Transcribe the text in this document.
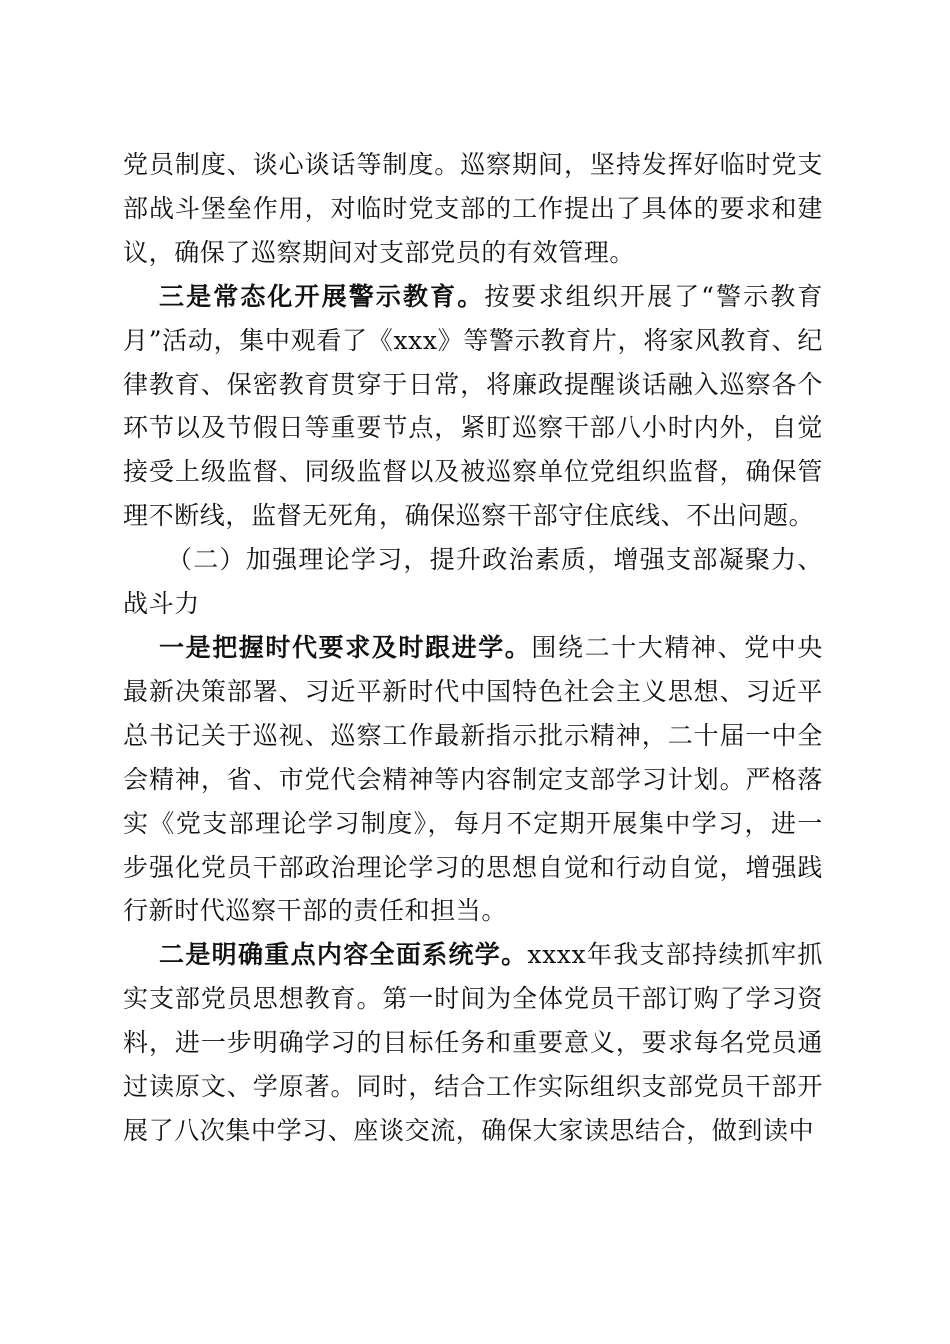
党员制度、谈心谈话等制度。巡察期间，坚持发挥好临时党支部战斗堡垒作用，对临时党支部的工作提出了具体的要求和建议，确保了巡察期间对支部党员的有效管理。

三是常态化开展警示教育。按要求组织开展了“警示教育月”活动，集中观看了《xxx》等警示教育片，将家风教育、纪律教育、保密教育贯穿于日常，将廉政提醒谈话融入巡察各个环节以及节假日等重要节点，紧盯巡察干部八小时内外，自觉接受上级监督、同级监督以及被巡察单位党组织监督，确保管理不断线，监督无死角，确保巡察干部守住底线、不出问题。

（二）加强理论学习，提升政治素质，增强支部凝聚力、战斗力

一是把握时代要求及时跟进学。围绕二十大精神、党中央最新决策部署、习近平新时代中国特色社会主义思想、习近平总书记关于巡视、巡察工作最新指示批示精神，二十届一中全会精神，省、市党代会精神等内容制定支部学习计划。严格落实《党支部理论学习制度》，每月不定期开展集中学习，进一步强化党员干部政治理论学习的思想自觉和行动自觉，增强践行新时代巡察干部的责任和担当。

二是明确重点内容全面系统学。xxxx年我支部持续抓牢抓实支部党员思想教育。第一时间为全体党员干部订购了学习资料，进一步明确学习的目标任务和重要意义，要求每名党员通过读原文、学原著。同时，结合工作实际组织支部党员干部开展了八次集中学习、座谈交流，确保大家读思结合，做到读中
